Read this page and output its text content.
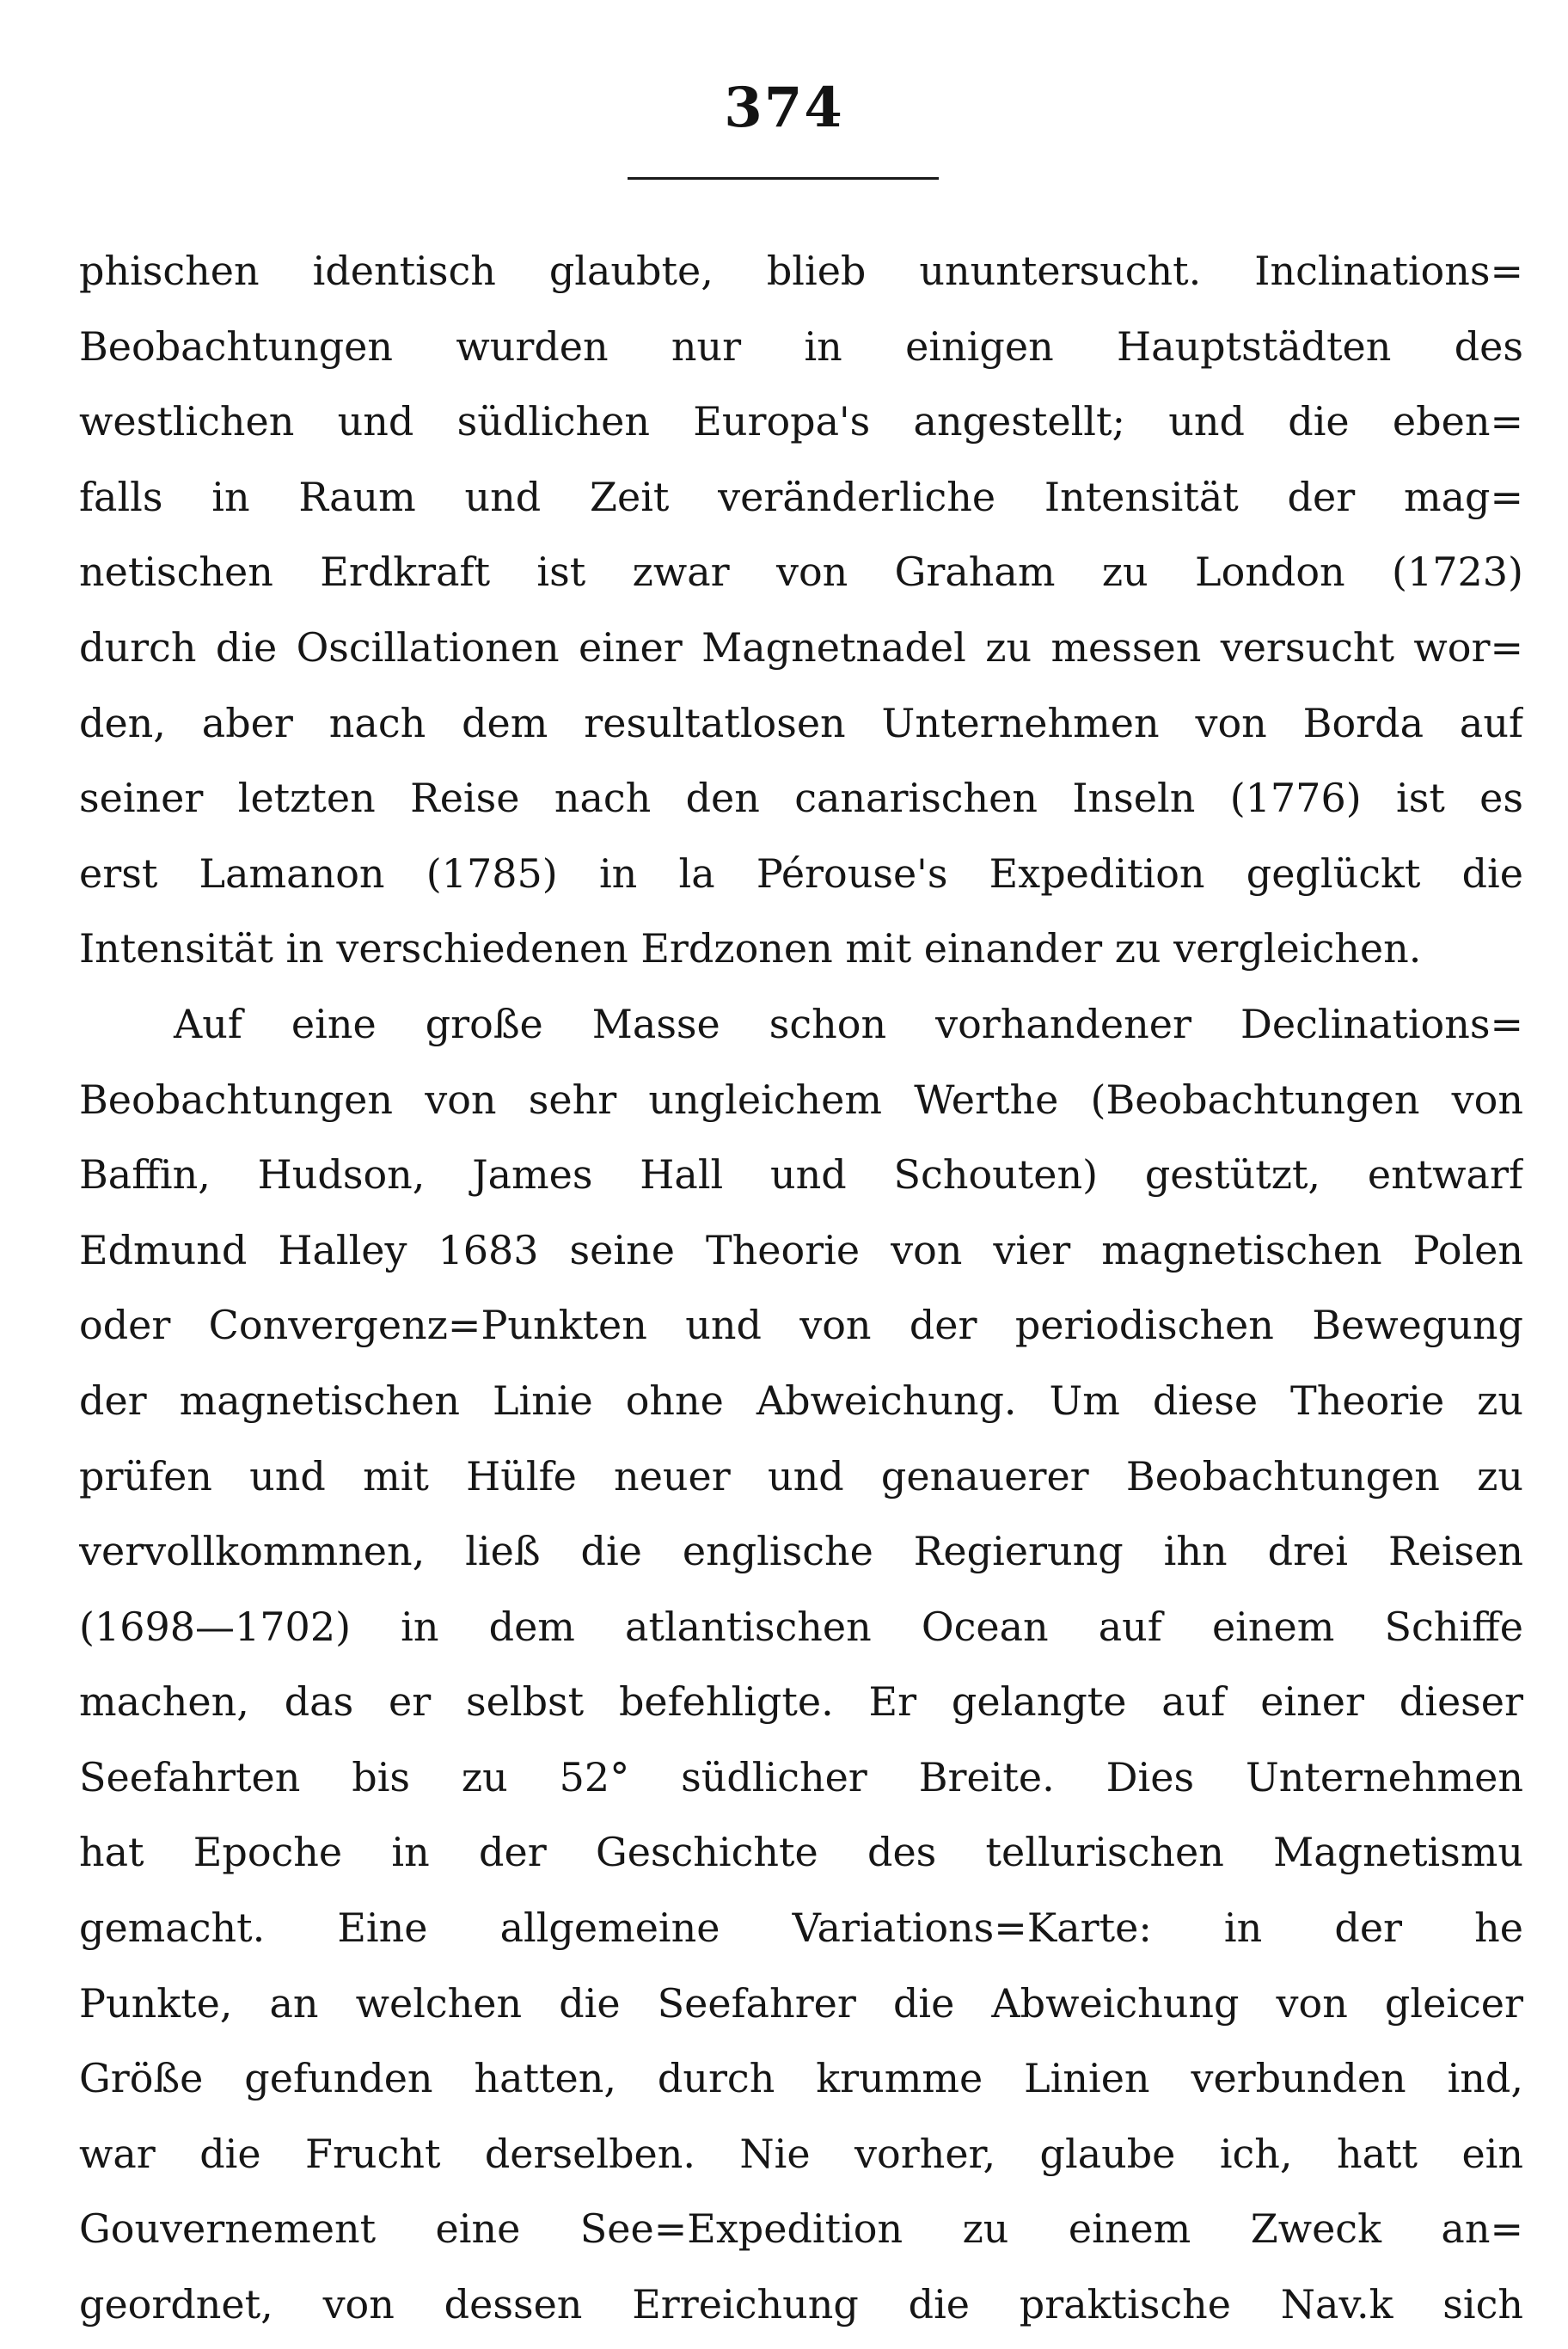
374
phischen identisch glaubte, blieb ununtersucht. Inclinations=
Beobachtungen wurden nur in einigen Hauptstädten des
westlichen und südlichen Europa's angestellt; und die eben=
falls in Raum und Zeit veränderliche Intensität der mag=
netischen Erdkraft ist zwar von Graham zu London (1723)
durch die Oscillationen einer Magnetnadel zu messen versucht wor=
den, aber nach dem resultatlosen Unternehmen von Borda auf
seiner letzten Reise nach den canarischen Inseln (1776) ist es
erst Lamanon (1785) in la Pérouse's Expedition geglückt die
Intensität in verschiedenen Erdzonen mit einander zu vergleichen.
Auf eine große Masse schon vorhandener Declinations=
Beobachtungen von sehr ungleichem Werthe (Beobachtungen von
Baffin, Hudson, James Hall und Schouten) gestützt, entwarf
Edmund Halley 1683 seine Theorie von vier magnetischen Polen
oder Convergenz=Punkten und von der periodischen Bewegung
der magnetischen Linie ohne Abweichung. Um diese Theorie zu
prüfen und mit Hülfe neuer und genauerer Beobachtungen zu
vervollkommnen, ließ die englische Regierung ihn drei Reisen
(1698—1702) in dem atlantischen Ocean auf einem Schiffe
machen, das er selbst befehligte. Er gelangte auf einer dieser
Seefahrten bis zu 52° südlicher Breite. Dies Unternehmen
hat Epoche in der Geschichte des tellurischen Magnetismu
gemacht. Eine allgemeine Variations=Karte: in der he
Punkte, an welchen die Seefahrer die Abweichung von gleicer
Größe gefunden hatten, durch krumme Linien verbunden ind,
war die Frucht derselben. Nie vorher, glaube ich, hatt ein
Gouvernement eine See=Expedition zu einem Zweck an=
geordnet, von dessen Erreichung die praktische Nav.k sich
